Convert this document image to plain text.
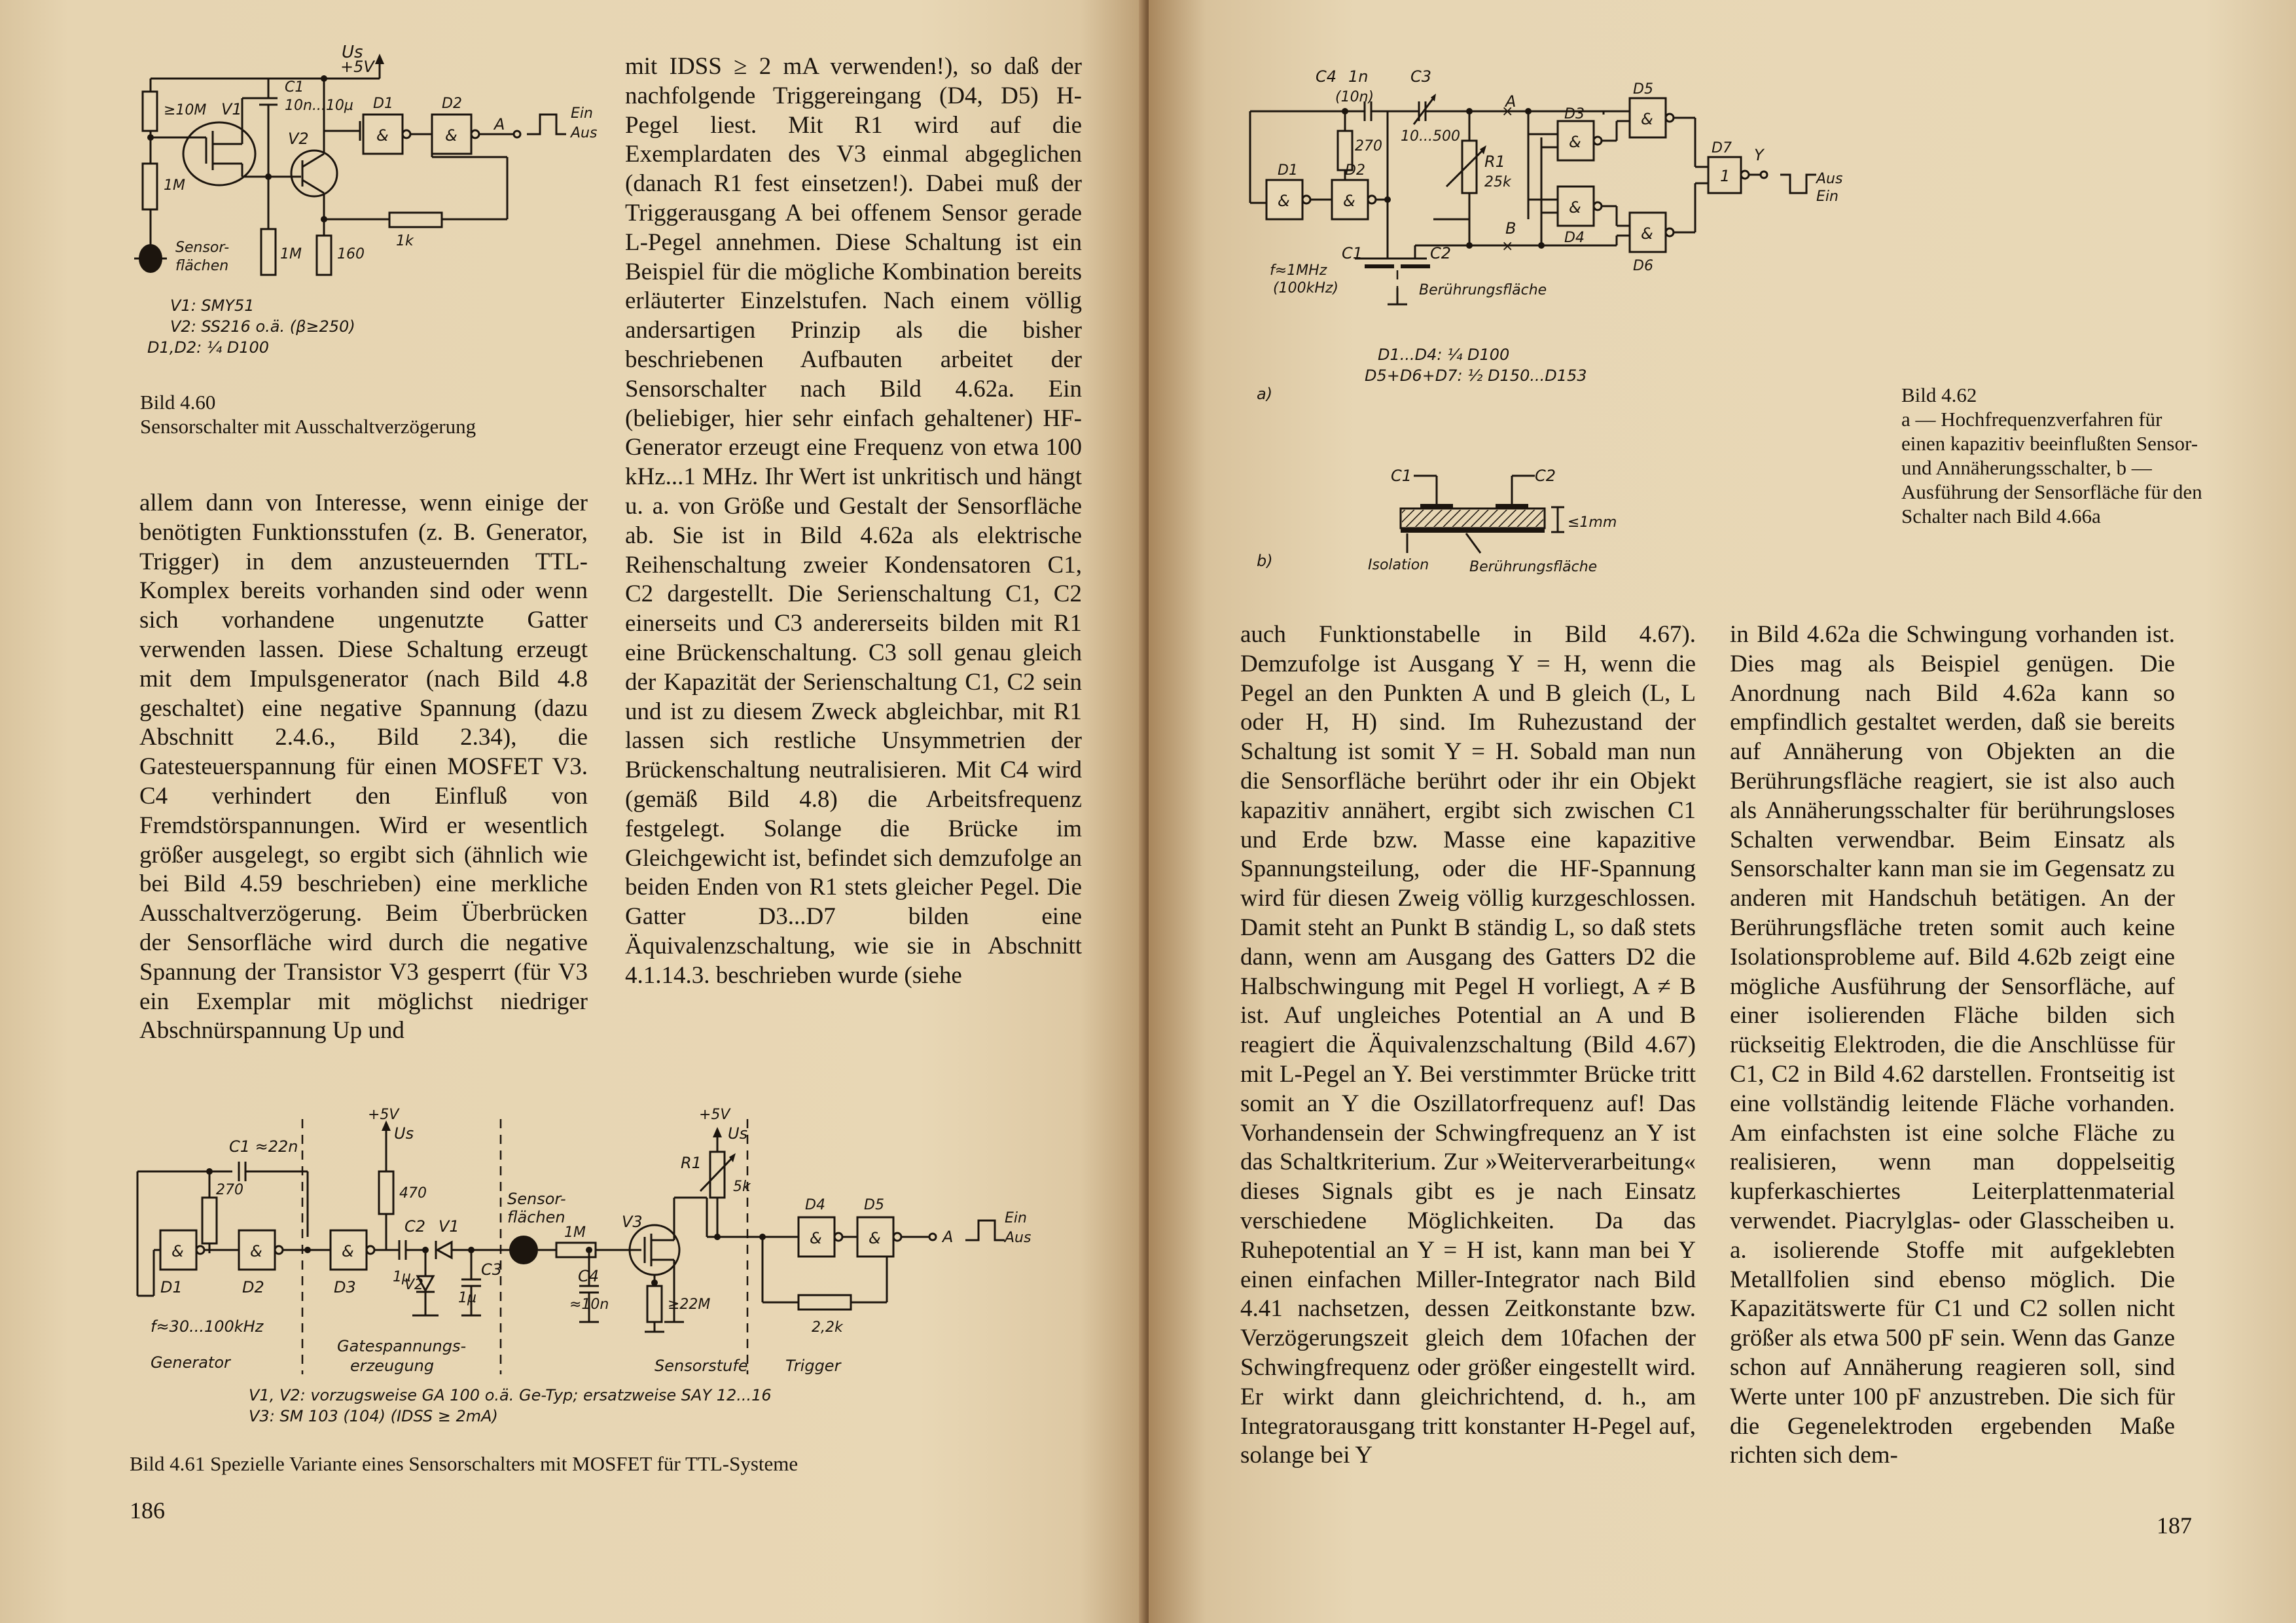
+5V
Us
≥10M
1M
Sensor-
flächen
V1
C1
10n...10µ
V2
1M 160
1k
&
D1
&
D2
A
Ein
Aus
V1: SMY51
V2: SS216 o.ä. (β≥250)
D1,D2: ¼ D100
Bild 4.60
Sensorschalter mit Ausschaltverzögerung

allem dann von Interesse, wenn einige der benötigten Funktionsstufen (z. B. Generator, Trigger) in dem anzusteuernden TTL-Komplex bereits vorhanden sind oder wenn sich vorhandene ungenutzte Gatter verwenden lassen. Diese Schaltung erzeugt mit dem Impulsgenerator (nach Bild 4.8 geschaltet) eine negative Spannung (dazu Abschnitt 2.4.6., Bild 2.34), die Gatesteuerspannung für einen MOSFET V3. C4 verhindert den Einfluß von Fremdstörspannungen. Wird er wesentlich größer ausgelegt, so ergibt sich (ähnlich wie bei Bild 4.59 beschrieben) eine merkliche Ausschaltverzögerung. Beim Überbrücken der Sensorfläche wird durch die negative Spannung der Transistor V3 gesperrt (für V3 ein Exemplar mit möglichst niedriger Abschnürspannung Up und

mit IDSS ≥ 2 mA verwenden!), so daß der nachfolgende Triggereingang (D4, D5) H-Pegel liest. Mit R1 wird auf die Exemplardaten des V3 einmal abgeglichen (danach R1 fest einsetzen!). Dabei muß der Triggerausgang A bei offenem Sensor gerade L-Pegel annehmen. Diese Schaltung ist ein Beispiel für die mögliche Kombination bereits erläuterter Einzelstufen. Nach einem völlig andersartigen Prinzip als die bisher beschriebenen Aufbauten arbeitet der Sensorschalter nach Bild 4.62a. Ein (beliebiger, hier sehr einfach gehaltener) HF-Generator erzeugt eine Frequenz von etwa 100 kHz...1 MHz. Ihr Wert ist unkritisch und hängt u. a. von Größe und Gestalt der Sensorfläche ab. Sie ist in Bild 4.62a als elektrische Reihenschaltung zweier Kondensatoren C1, C2 dargestellt. Die Serienschaltung C1, C2 einerseits und C3 andererseits bilden mit R1 eine Brückenschaltung. C3 soll genau gleich der Kapazität der Serienschaltung C1, C2 sein und ist zu diesem Zweck abgleichbar, mit R1 lassen sich restliche Unsymmetrien der Brückenschaltung neutralisieren. Mit C4 wird (gemäß Bild 4.8) die Arbeitsfrequenz festgelegt. Solange die Brücke im Gleichgewicht ist, befindet sich demzufolge an beiden Enden von R1 stets gleicher Pegel. Die Gatter D3...D7 bilden eine Äquivalenzschaltung, wie sie in Abschnitt 4.1.14.3. beschrieben wurde (siehe

C1 ≈22n
270
&
D1
&
D2
f≈30...100kHz
Generator
&
D3
+5V
Us
470
C2
1µ
V2
V1
C3
1µ
Gatespannungs-
erzeugung
Sensor-
flächen
1M
C4
≈10n
V3
≥22M
R1
5k
+5V
Us
Sensorstufe
2,2k
&
D4
&
D5
A
Ein
Aus
Trigger
V1, V2: vorzugsweise GA 100 o.ä. Ge-Typ; ersatzweise SAY 12...16
V3: SM 103 (104) (IDSS ≥ 2mA)
Bild 4.61 Spezielle Variante eines Sensorschalters mit MOSFET für TTL-Systeme
186
C4 1n
(10n)
C3
10...500
×
A
270
&
D1
&
D2
C1	C2
Berührungsfläche
f≈1MHz
(100kHz)
R1
25k
×
B
&
D3
&
D4
&
D5
&
D6
1
D7 Y
Aus
Ein
D1...D4: ¼ D100
D5+D6+D7: ½ D150...D153
a)
C1	C2
≤1mm
Isolation	Berührungsfläche
b)
Bild 4.62
a — Hochfrequenzverfahren für einen kapazitiv beeinflußten Sensor- und Annäherungsschalter, b — Ausführung der Sensorfläche für den Schalter nach Bild 4.66a

auch Funktionstabelle in Bild 4.67). Demzufolge ist Ausgang Y = H, wenn die Pegel an den Punkten A und B gleich (L, L oder H, H) sind. Im Ruhezustand der Schaltung ist somit Y = H. Sobald man nun die Sensorfläche berührt oder ihr ein Objekt kapazitiv annähert, ergibt sich zwischen C1 und Erde bzw. Masse eine kapazitive Spannungsteilung, oder die HF-Spannung wird für diesen Zweig völlig kurzgeschlossen. Damit steht an Punkt B ständig L, so daß stets dann, wenn am Ausgang des Gatters D2 die Halbschwingung mit Pegel H vorliegt, A ≠ B ist. Auf ungleiches Potential an A und B reagiert die Äquivalenzschaltung (Bild 4.67) mit L-Pegel an Y. Bei verstimmter Brücke tritt somit an Y die Oszillatorfrequenz auf! Das Vorhandensein der Schwingfrequenz an Y ist das Schaltkriterium. Zur »Weiterverarbeitung« dieses Signals gibt es je nach Einsatz verschiedene Möglichkeiten. Da das Ruhepotential an Y = H ist, kann man bei Y einen einfachen Miller-Integrator nach Bild 4.41 nachsetzen, dessen Zeitkonstante bzw. Verzögerungszeit gleich dem 10fachen der Schwingfrequenz oder größer eingestellt wird. Er wirkt dann gleichrichtend, d. h., am Integratorausgang tritt konstanter H-Pegel auf, solange bei Y

in Bild 4.62a die Schwingung vorhanden ist. Dies mag als Beispiel genügen. Die Anordnung nach Bild 4.62a kann so empfindlich gestaltet werden, daß sie bereits auf Annäherung von Objekten an die Berührungsfläche reagiert, sie ist also auch als Annäherungsschalter für berührungsloses Schalten verwendbar. Beim Einsatz als Sensorschalter kann man sie im Gegensatz zu anderen mit Handschuh betätigen. An der Berührungsfläche treten somit auch keine Isolationsprobleme auf. Bild 4.62b zeigt eine mögliche Ausführung der Sensorfläche, auf einer isolierenden Fläche bilden sich rückseitig Elektroden, die die Anschlüsse für C1, C2 in Bild 4.62 darstellen. Frontseitig ist eine vollständig leitende Fläche vorhanden. Am einfachsten ist eine solche Fläche zu realisieren, wenn man doppelseitig kupferkaschiertes Leiterplattenmaterial verwendet. Piacrylglas- oder Glasscheiben u. a. isolierende Stoffe mit aufgeklebten Metallfolien sind ebenso möglich. Die Kapazitätswerte für C1 und C2 sollen nicht größer als etwa 500 pF sein. Wenn das Ganze schon auf Annäherung reagieren soll, sind Werte unter 100 pF anzustreben. Die sich für die Gegenelektroden ergebenden Maße richten sich dem-

187
